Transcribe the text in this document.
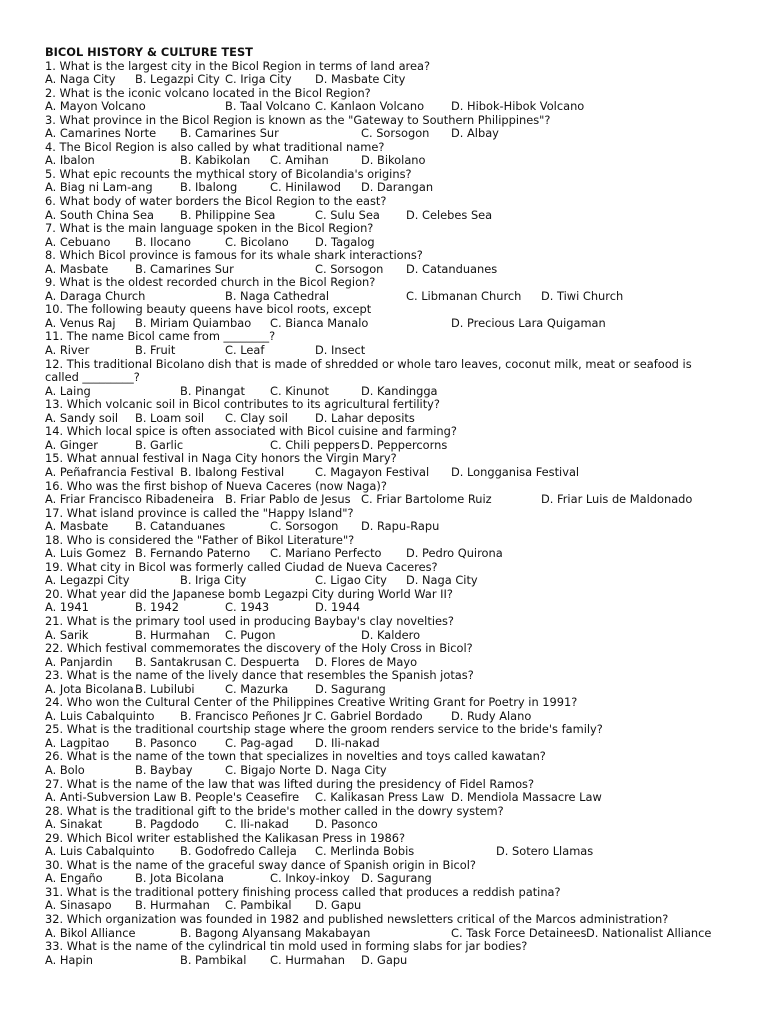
BICOL HISTORY & CULTURE TEST
1. What is the largest city in the Bicol Region in terms of land area?
A. Naga City B. Legazpi City C. Iriga City D. Masbate City
2. What is the iconic volcano located in the Bicol Region?
A. Mayon Volcano	B. Taal Volcano C. Kanlaon Volcano D. Hibok-Hibok Volcano
3. What province in the Bicol Region is known as the "Gateway to Southern Philippines"?
A. Camarines Norte B. Camarines Sur	C. Sorsogon D. Albay
4. The Bicol Region is also called by what traditional name?
A. Ibalon	B. Kabikolan C. Amihan	D. Bikolano
5. What epic recounts the mythical story of Bicolandia's origins?
A. Biag ni Lam-ang B. Ibalong	C. Hinilawod D. Darangan
6. What body of water borders the Bicol Region to the east?
A. South China Sea B. Philippine Sea	C. Sulu Sea D. Celebes Sea
7. What is the main language spoken in the Bicol Region?
A. Cebuano B. Ilocano	C. Bicolano D. Tagalog
8. Which Bicol province is famous for its whale shark interactions?
A. Masbate B. Camarines Sur	C. Sorsogon D. Catanduanes
9. What is the oldest recorded church in the Bicol Region?
A. Daraga Church	B. Naga Cathedral	C. Libmanan Church D. Tiwi Church
10. The following beauty queens have bicol roots, except
A. Venus Raj B. Miriam Quiambao C. Bianca Manalo	D. Precious Lara Quigaman
11. The name Bicol came from ________?
A. River	B. Fruit	C. Leaf	D. Insect
12. This traditional Bicolano dish that is made of shredded or whole taro leaves, coconut milk, meat or seafood is
called _________?
A. Laing	B. Pinangat C. Kinunot	D. Kandingga
13. Which volcanic soil in Bicol contributes to its agricultural fertility?
A. Sandy soil B. Loam soil C. Clay soil D. Lahar deposits
14. Which local spice is often associated with Bicol cuisine and farming?
A. Ginger	B. Garlic	C. Chili peppers D. Peppercorns
15. What annual festival in Naga City honors the Virgin Mary?
A. Peñafrancia Festival B. Ibalong Festival	C. Magayon Festival D. Longganisa Festival
16. Who was the first bishop of Nueva Caceres (now Naga)?
A. Friar Francisco Ribadeneira B. Friar Pablo de Jesus C. Friar Bartolome Ruiz	D. Friar Luis de Maldonado
17. What island province is called the "Happy Island"?
A. Masbate B. Catanduanes	C. Sorsogon D. Rapu-Rapu
18. Who is considered the "Father of Bikol Literature"?
A. Luis Gomez B. Fernando Paterno C. Mariano Perfecto D. Pedro Quirona
19. What city in Bicol was formerly called Ciudad de Nueva Caceres?
A. Legazpi City	B. Iriga City	C. Ligao City D. Naga City
20. What year did the Japanese bomb Legazpi City during World War II?
A. 1941	B. 1942	C. 1943	D. 1944
21. What is the primary tool used in producing Baybay's clay novelties?
A. Sarik	B. Hurmahan C. Pugon	D. Kaldero
22. Which festival commemorates the discovery of the Holy Cross in Bicol?
A. Panjardin B. Santakrusan C. Despuerta D. Flores de Mayo
23. What is the name of the lively dance that resembles the Spanish jotas?
A. Jota Bicolana B. Lubilubi	C. Mazurka D. Sagurang
24. Who won the Cultural Center of the Philippines Creative Writing Grant for Poetry in 1991?
A. Luis Cabalquinto B. Francisco Peñones Jr C. Gabriel Bordado D. Rudy Alano
25. What is the traditional courtship stage where the groom renders service to the bride's family?
A. Lagpitao B. Pasonco C. Pag-agad D. Ili-nakad
26. What is the name of the town that specializes in novelties and toys called kawatan?
A. Bolo	B. Baybay	C. Bigajo Norte D. Naga City
27. What is the name of the law that was lifted during the presidency of Fidel Ramos?
A. Anti-Subversion Law B. People's Ceasefire C. Kalikasan Press Law D. Mendiola Massacre Law
28. What is the traditional gift to the bride's mother called in the dowry system?
A. Sinakat	B. Pagdodo C. Ili-nakad D. Pasonco
29. Which Bicol writer established the Kalikasan Press in 1986?
A. Luis Cabalquinto B. Godofredo Calleja C. Merlinda Bobis	D. Sotero Llamas
30. What is the name of the graceful sway dance of Spanish origin in Bicol?
A. Engaño	B. Jota Bicolana	C. Inkoy-inkoy D. Sagurang
31. What is the traditional pottery finishing process called that produces a reddish patina?
A. Sinasapo B. Hurmahan C. Pambikal D. Gapu
32. Which organization was founded in 1982 and published newsletters critical of the Marcos administration?
A. Bikol Alliance	B. Bagong Alyansang Makabayan	C. Task Force Detainees D. Nationalist Alliance
33. What is the name of the cylindrical tin mold used in forming slabs for jar bodies?
A. Hapin	B. Pambikal C. Hurmahan D. Gapu
